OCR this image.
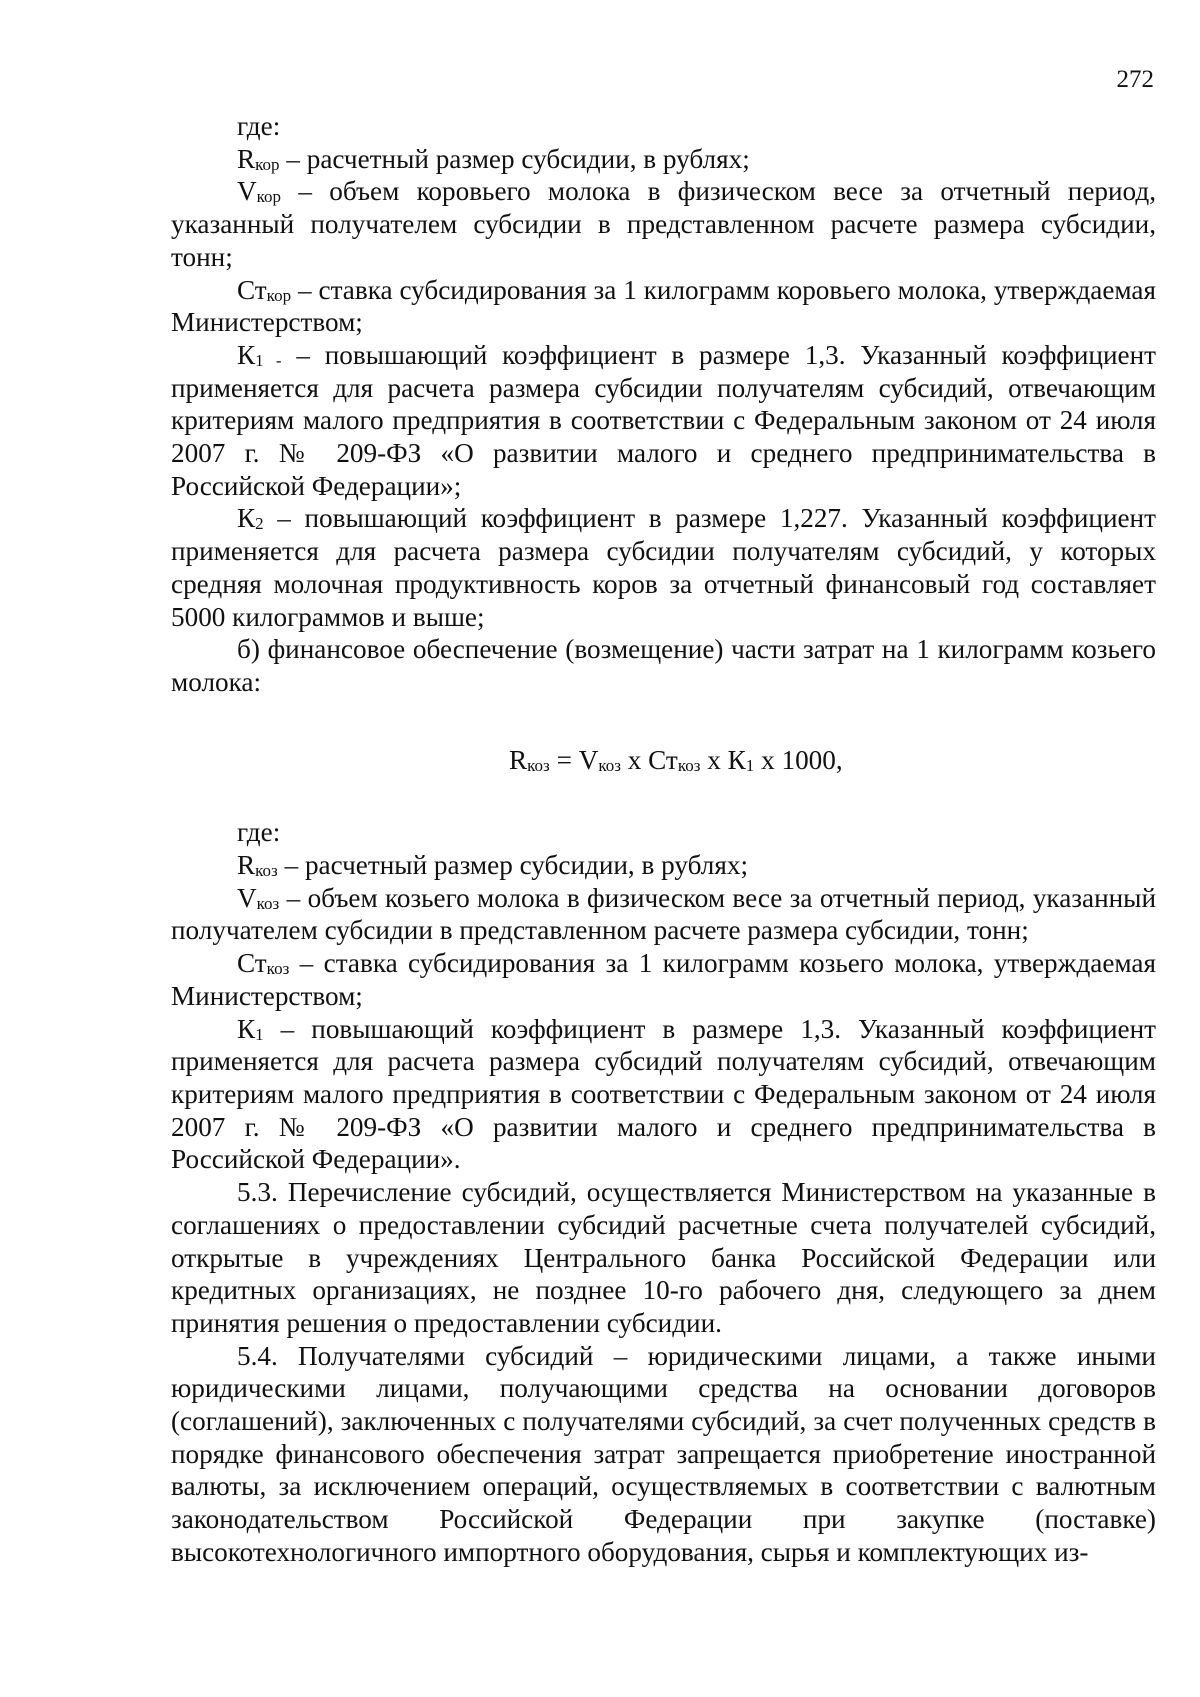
272

где:

$R_{кор}$ – расчетный размер субсидии, в рублях;

$V_{кор}$ – объем коровьего молока в физическом весе за отчетный период, указанный получателем субсидии в представленном расчете размера субсидии, тонн;

$Ст_{кор}$ – ставка субсидирования за 1 килограмм коровьего молока, утверждаемая Министерством;

$К_{1 -}$ – повышающий коэффициент в размере 1,3. Указанный коэффициент применяется для расчета размера субсидии получателям субсидий, отвечающим критериям малого предприятия в соответствии с Федеральным законом от 24 июля 2007 г. № 209-ФЗ «О развитии малого и среднего предпринимательства в Российской Федерации»;

$К_2$ – повышающий коэффициент в размере 1,227. Указанный коэффициент применяется для расчета размера субсидии получателям субсидий, у которых средняя молочная продуктивность коров за отчетный финансовый год составляет 5000 килограммов и выше;

б) финансовое обеспечение (возмещение) части затрат на 1 килограмм козьего молока:

$R_{коз} = V_{коз}$ х $Ст_{коз}$ х $К_1$ х 1000,

где:

$R_{коз}$ – расчетный размер субсидии, в рублях;

$V_{коз}$ – объем козьего молока в физическом весе за отчетный период, указанный получателем субсидии в представленном расчете размера субсидии, тонн;

$Ст_{коз}$ – ставка субсидирования за 1 килограмм козьего молока, утверждаемая Министерством;

$К_1$ – повышающий коэффициент в размере 1,3. Указанный коэффициент применяется для расчета размера субсидий получателям субсидий, отвечающим критериям малого предприятия в соответствии с Федеральным законом от 24 июля 2007 г. № 209-ФЗ «О развитии малого и среднего предпринимательства в Российской Федерации».

5.3. Перечисление субсидий, осуществляется Министерством на указанные в соглашениях о предоставлении субсидий расчетные счета получателей субсидий, открытые в учреждениях Центрального банка Российской Федерации или кредитных организациях, не позднее 10-го рабочего дня, следующего за днем принятия решения о предоставлении субсидии.

5.4. Получателями субсидий – юридическими лицами, а также иными юридическими лицами, получающими средства на основании договоров (соглашений), заключенных с получателями субсидий, за счет полученных средств в порядке финансового обеспечения затрат запрещается приобретение иностранной валюты, за исключением операций, осуществляемых в соответствии с валютным законодательством Российской Федерации при закупке (поставке) высокотехнологичного импортного оборудования, сырья и комплектующих из-
